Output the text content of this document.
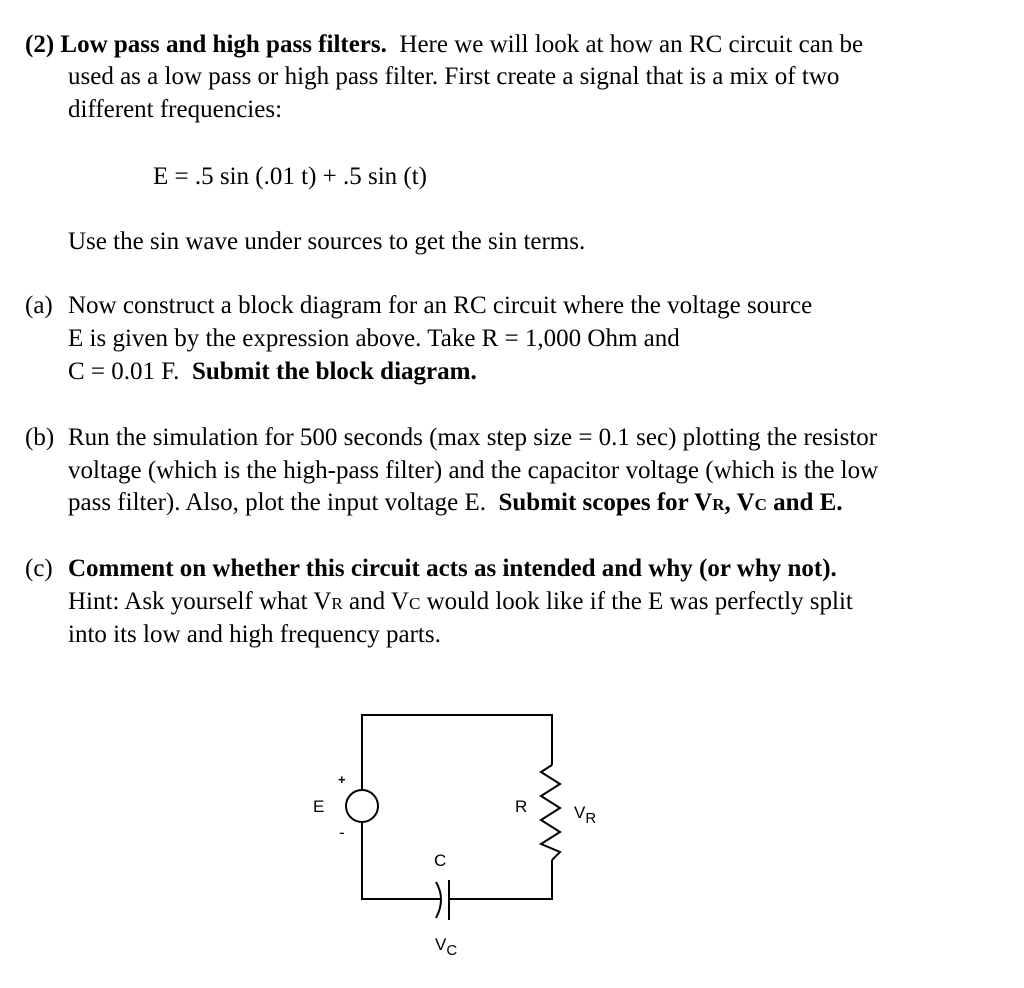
(2) Low pass and high pass filters. Here we will look at how an RC circuit can be
used as a low pass or high pass filter. First create a signal that is a mix of two
different frequencies:
E = .5 sin (.01 t) + .5 sin (t)
Use the sin wave under sources to get the sin terms.
(a) Now construct a block diagram for an RC circuit where the voltage source
E is given by the expression above. Take R = 1,000 Ohm and
C = 0.01 F. Submit the block diagram.
(b) Run the simulation for 500 seconds (max step size = 0.1 sec) plotting the resistor
voltage (which is the high-pass filter) and the capacitor voltage (which is the low
pass filter). Also, plot the input voltage E. Submit scopes for VR, VC and E.
(c) Comment on whether this circuit acts as intended and why (or why not).
Hint: Ask yourself what VR and VC would look like if the E was perfectly split
into its low and high frequency parts.
E
+
-
R	VR
C
VC
